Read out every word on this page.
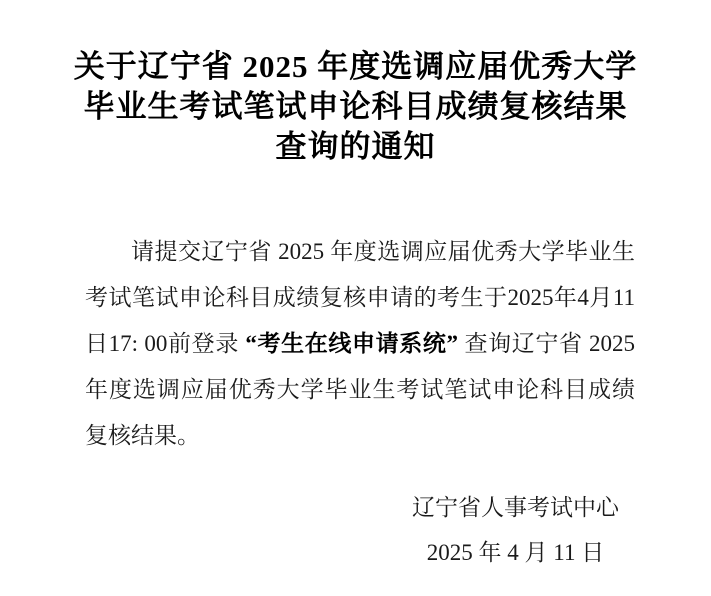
关于辽宁省 2025 年度选调应届优秀大学
毕业生考试笔试申论科目成绩复核结果
查询的通知

请提交辽宁省 2025 年度选调应届优秀大学毕业生考试笔试申论科目成绩复核申请的考生于2025年4月11日17: 00前登录 “考生在线申请系统” 查询辽宁省 2025 年度选调应届优秀大学毕业生考试笔试申论科目成绩复核结果。

辽宁省人事考试中心
2025 年 4 月 11 日
